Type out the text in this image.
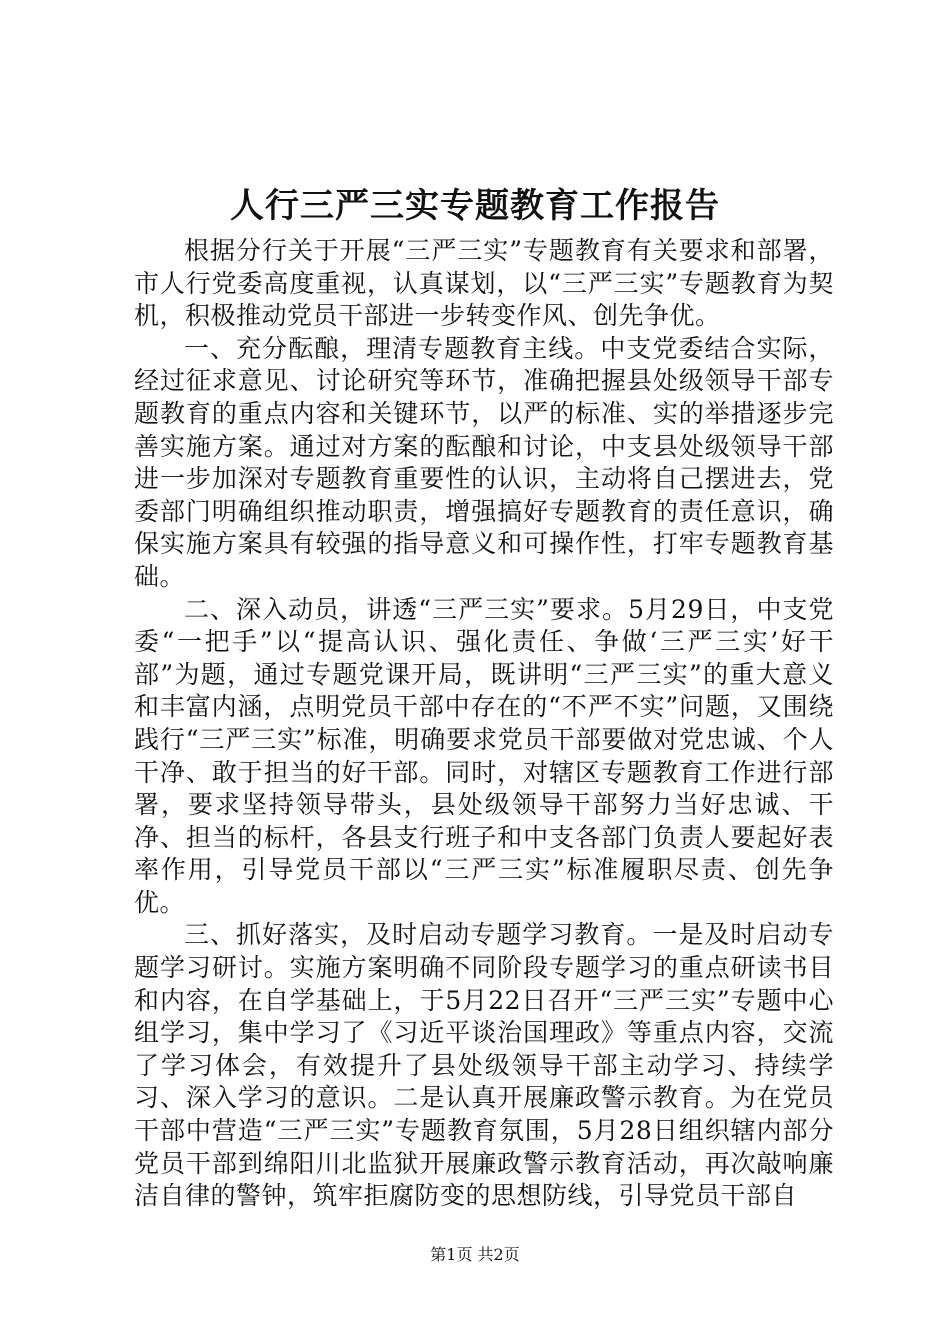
人行三严三实专题教育工作报告

根据分行关于开展“三严三实”专题教育有关要求和部署，市人行党委高度重视，认真谋划，以“三严三实”专题教育为契机，积极推动党员干部进一步转变作风、创先争优。

一、充分酝酿，理清专题教育主线。中支党委结合实际，经过征求意见、讨论研究等环节，准确把握县处级领导干部专题教育的重点内容和关键环节，以严的标准、实的举措逐步完善实施方案。通过对方案的酝酿和讨论，中支县处级领导干部进一步加深对专题教育重要性的认识，主动将自己摆进去，党委部门明确组织推动职责，增强搞好专题教育的责任意识，确保实施方案具有较强的指导意义和可操作性，打牢专题教育基础。

二、深入动员，讲透“三严三实”要求。5月29日，中支党委“一把手”以“提高认识、强化责任、争做‘三严三实’好干部”为题，通过专题党课开局，既讲明“三严三实”的重大意义和丰富内涵，点明党员干部中存在的“不严不实”问题，又围绕践行“三严三实”标准，明确要求党员干部要做对党忠诚、个人干净、敢于担当的好干部。同时，对辖区专题教育工作进行部署，要求坚持领导带头，县处级领导干部努力当好忠诚、干净、担当的标杆，各县支行班子和中支各部门负责人要起好表率作用，引导党员干部以“三严三实”标准履职尽责、创先争优。

三、抓好落实，及时启动专题学习教育。一是及时启动专题学习研讨。实施方案明确不同阶段专题学习的重点研读书目和内容，在自学基础上，于5月22日召开“三严三实”专题中心组学习，集中学习了《习近平谈治国理政》等重点内容，交流了学习体会，有效提升了县处级领导干部主动学习、持续学习、深入学习的意识。二是认真开展廉政警示教育。为在党员干部中营造“三严三实”专题教育氛围，5月28日组织辖内部分党员干部到绵阳川北监狱开展廉政警示教育活动，再次敲响廉洁自律的警钟，筑牢拒腐防变的思想防线，引导党员干部自

第1页 共2页
